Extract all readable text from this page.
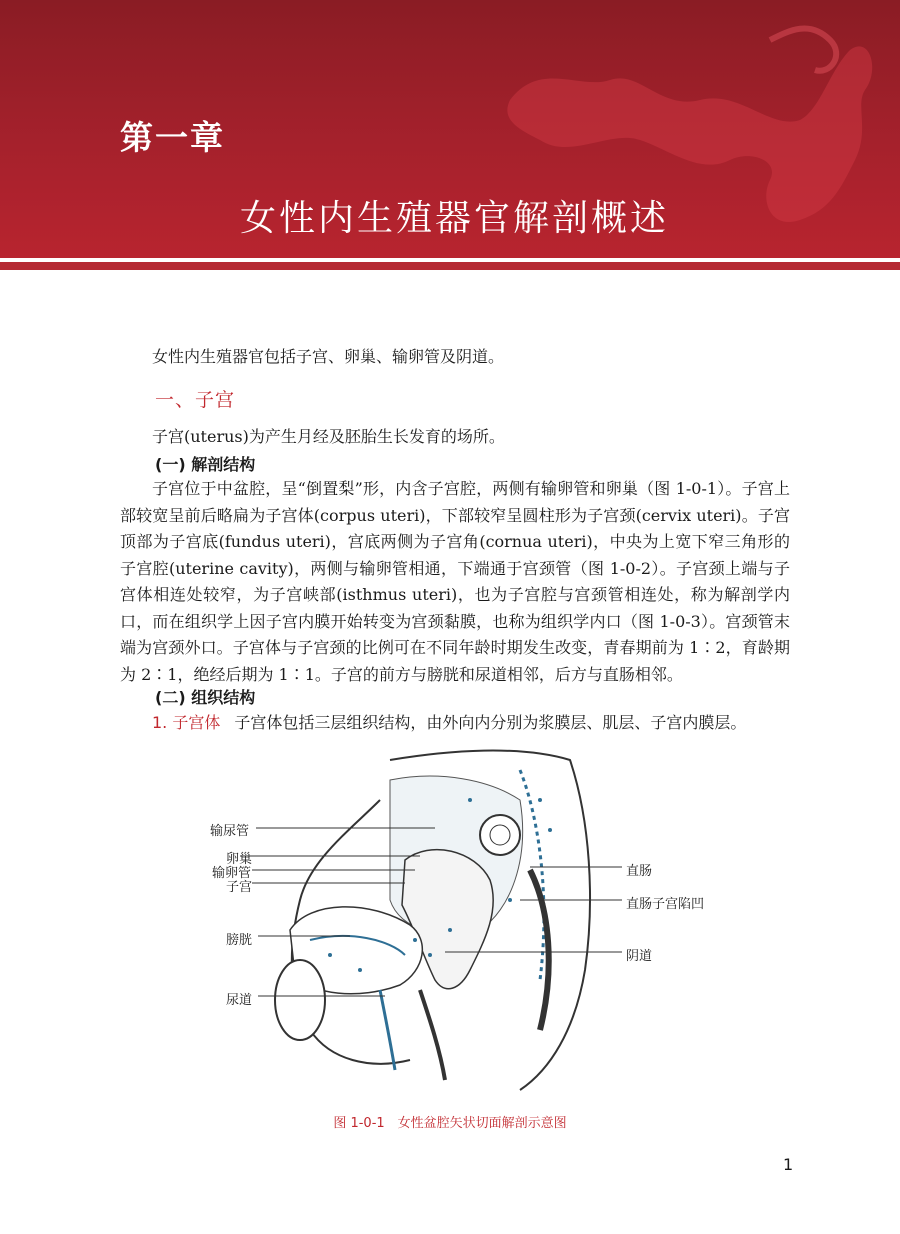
第一章
女性内生殖器官解剖概述
女性内生殖器官包括子宫、卵巢、输卵管及阴道。
一、子宫
子宫(uterus)为产生月经及胚胎生长发育的场所。
(一) 解剖结构
子宫位于中盆腔，呈“倒置梨”形，内含子宫腔，两侧有输卵管和卵巢（图 1-0-1）。子宫上部较宽呈前后略扁为子宫体(corpus uteri)，下部较窄呈圆柱形为子宫颈(cervix uteri)。子宫顶部为子宫底(fundus uteri)，宫底两侧为子宫角(cornua uteri)，中央为上宽下窄三角形的子宫腔(uterine cavity)，两侧与输卵管相通，下端通于宫颈管（图 1-0-2）。子宫颈上端与子宫体相连处较窄，为子宫峡部(isthmus uteri)，也为子宫腔与宫颈管相连处，称为解剖学内口，而在组织学上因子宫内膜开始转变为宫颈黏膜，也称为组织学内口（图 1-0-3）。宫颈管末端为宫颈外口。子宫体与子宫颈的比例可在不同年龄时期发生改变，青春期前为 1∶2，育龄期为 2∶1，绝经后期为 1∶1。子宫的前方与膀胱和尿道相邻，后方与直肠相邻。
(二) 组织结构
1. 子宫体 子宫体包括三层组织结构，由外向内分别为浆膜层、肌层、子宫内膜层。
输尿管
卵巢
输卵管
子宫
膀胱
尿道
直肠
直肠子宫陷凹
阴道
图 1-0-1　女性盆腔矢状切面解剖示意图
1
